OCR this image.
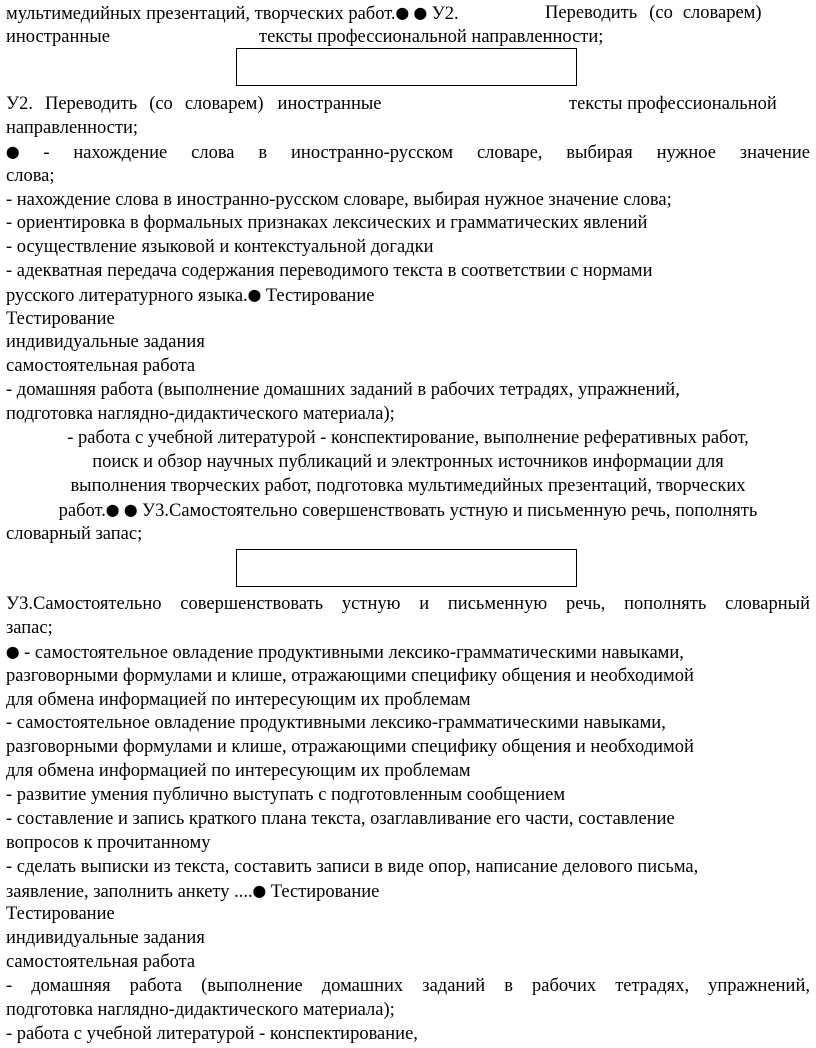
мультимедийных презентаций, творческих работ.⬤ ⬤ У2.	Переводить (со словарем)
иностранные	тексты профессиональной направленности;
У2. Переводить (со словарем) иностранные	тексты профессиональной
направленности;
⬤ - нахождение слова в иностранно-русском словаре, выбирая нужное значение
слова;
- нахождение слова в иностранно-русском словаре, выбирая нужное значение слова;
- ориентировка в формальных признаках лексических и грамматических явлений
- осуществление языковой и контекстуальной догадки
- адекватная передача содержания переводимого текста в соответствии с нормами
русского литературного языка.⬤ Тестирование
Тестирование
индивидуальные задания
самостоятельная работа
- домашняя работа (выполнение домашних заданий в рабочих тетрадях, упражнений,
подготовка наглядно-дидактического материала);
- работа с учебной литературой - конспектирование, выполнение реферативных работ,
поиск и обзор научных публикаций и электронных источников информации для
выполнения творческих работ, подготовка мультимедийных презентаций, творческих
работ.⬤ ⬤ У3.Самостоятельно совершенствовать устную и письменную речь, пополнять
словарный запас;
У3.Самостоятельно совершенствовать устную и письменную речь, пополнять словарный
запас;
⬤ - самостоятельное овладение продуктивными лексико-грамматическими навыками,
разговорными формулами и клише, отражающими специфику общения и необходимой
для обмена информацией по интересующим их проблемам
- самостоятельное овладение продуктивными лексико-грамматическими навыками,
разговорными формулами и клише, отражающими специфику общения и необходимой
для обмена информацией по интересующим их проблемам
- развитие умения публично выступать с подготовленным сообщением
- составление и запись краткого плана текста, озаглавливание его части, составление
вопросов к прочитанному
- сделать выписки из текста, составить записи в виде опор, написание делового письма,
заявление, заполнить анкету ....⬤ Тестирование
Тестирование
индивидуальные задания
самостоятельная работа
- домашняя работа (выполнение домашних заданий в рабочих тетрадях, упражнений,
подготовка наглядно-дидактического материала);
- работа с учебной литературой - конспектирование,
